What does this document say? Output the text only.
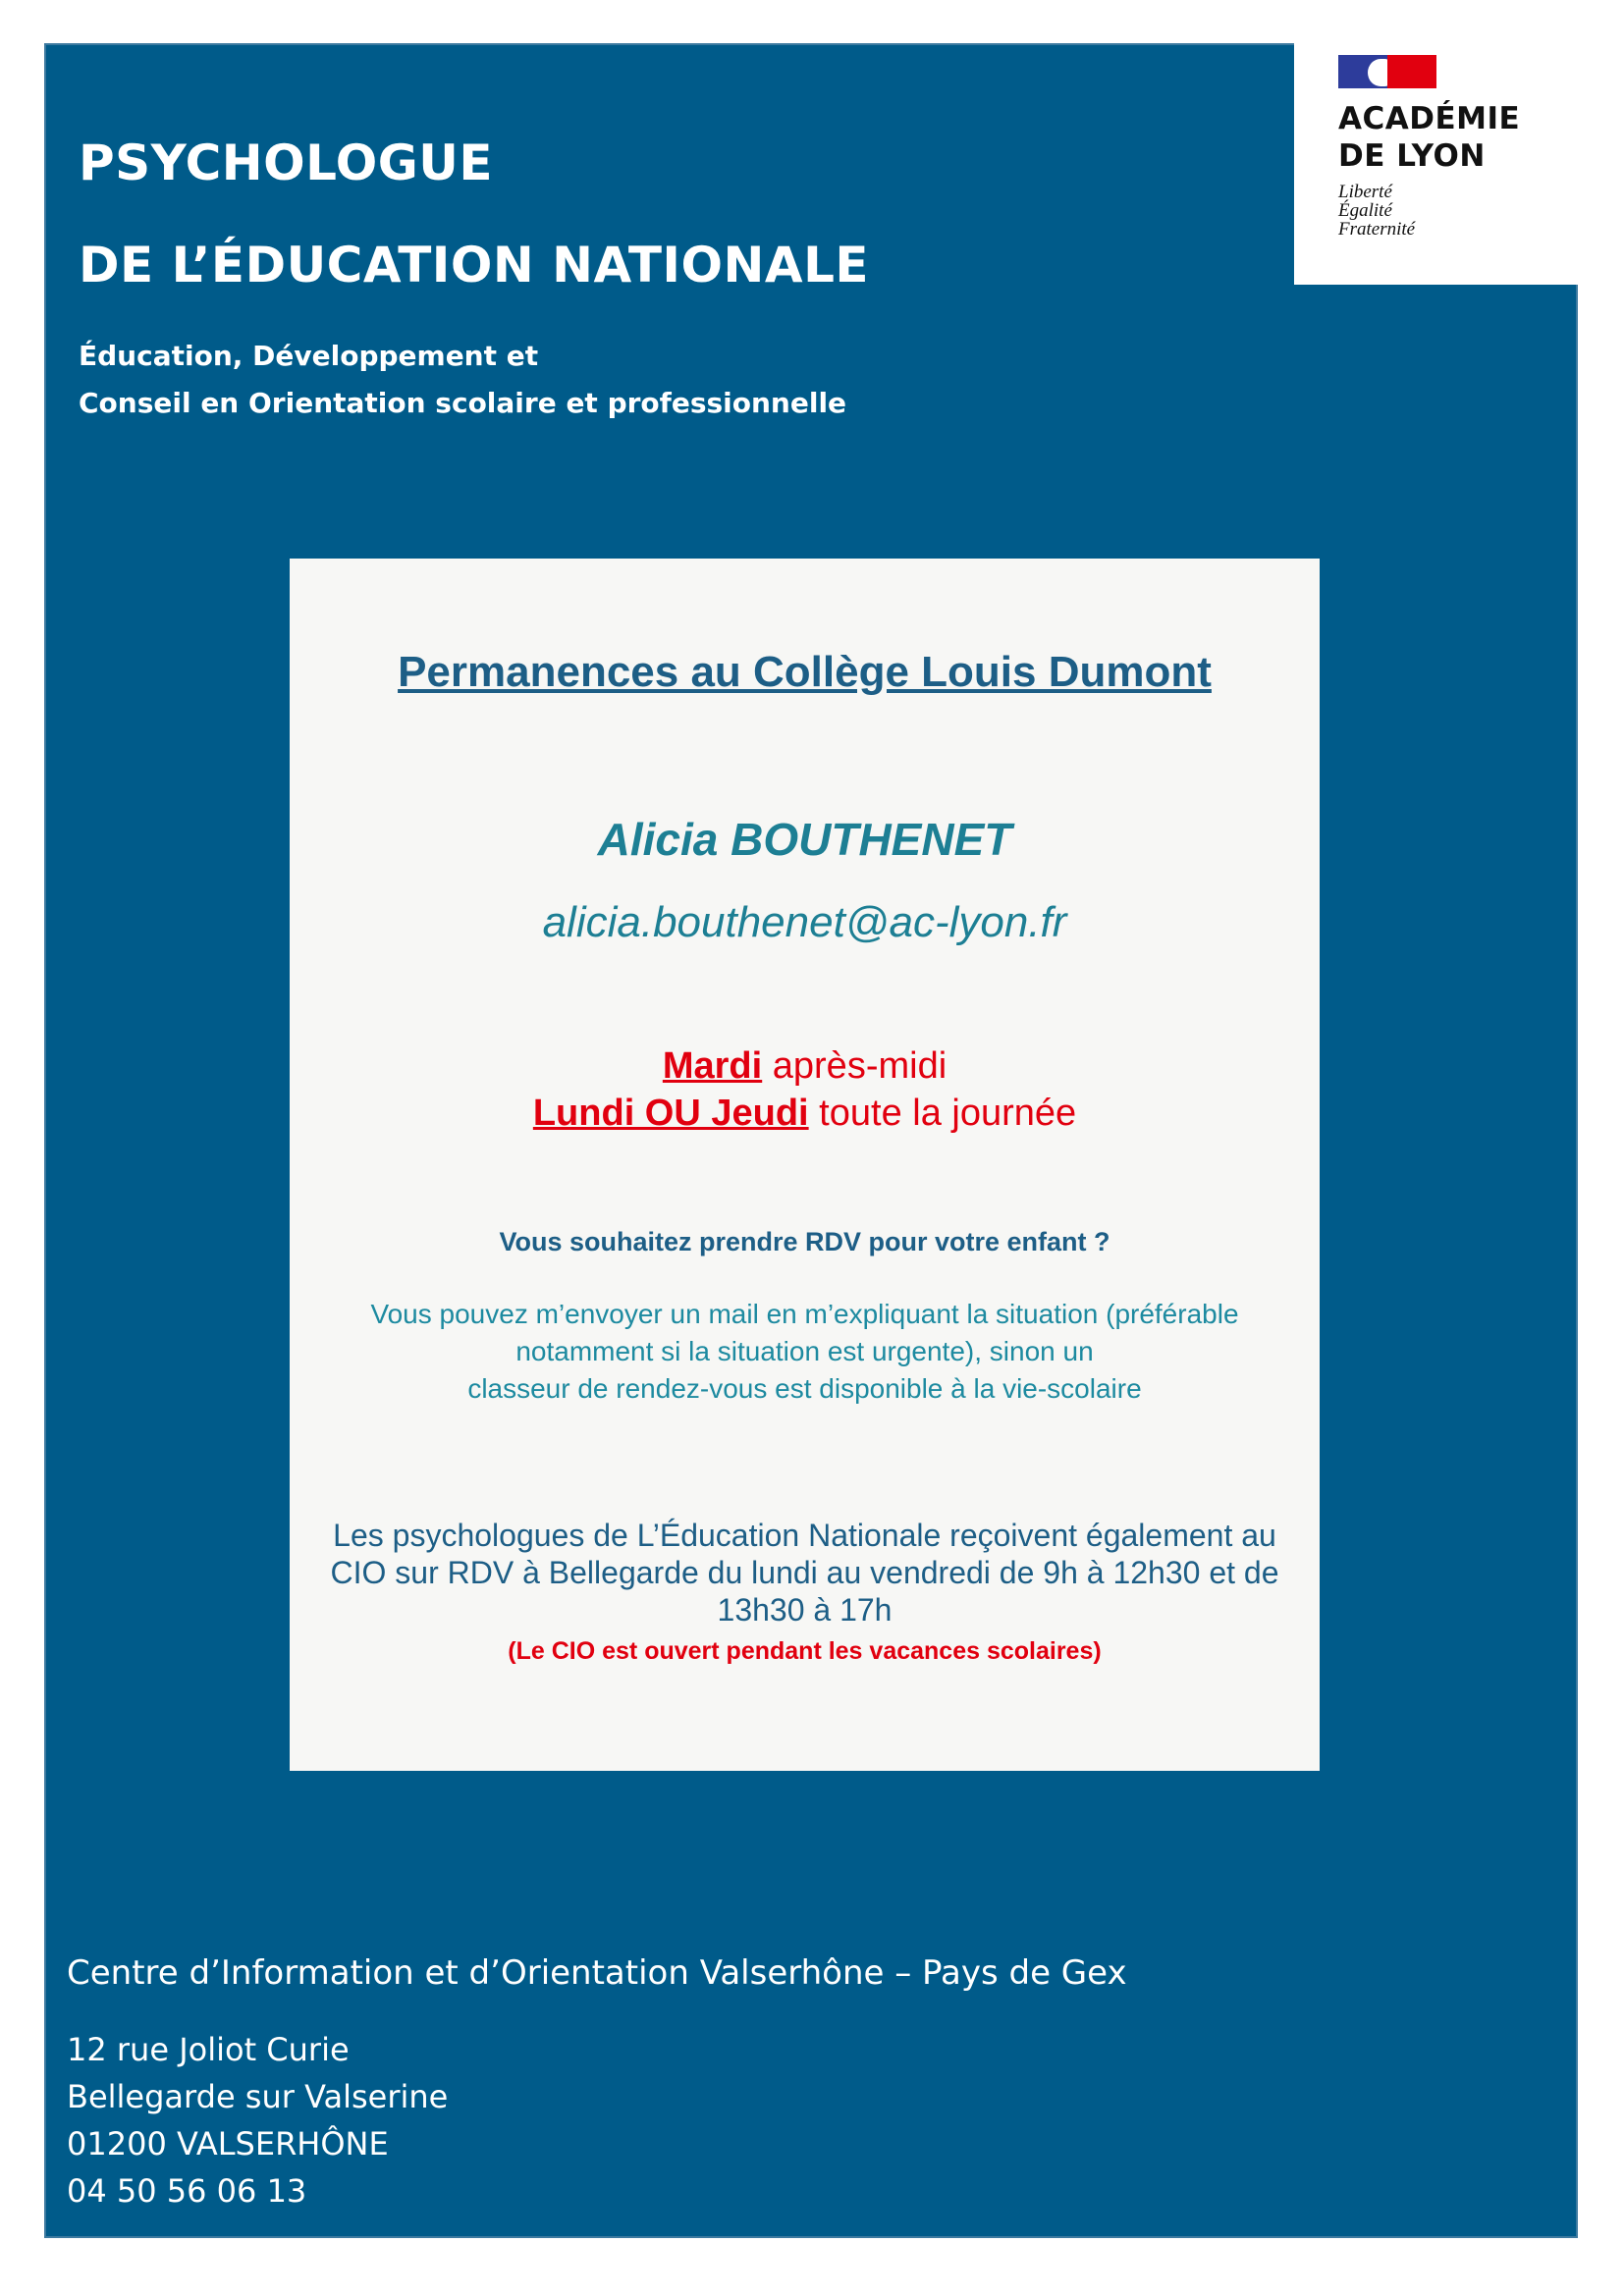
ACADÉMIE
DE LYON
Liberté
Égalité
Fraternité
PSYCHOLOGUE
DE L’ÉDUCATION NATIONALE
Éducation, Développement et
Conseil en Orientation scolaire et professionnelle
Permanences au Collège Louis Dumont
Alicia BOUTHENET
alicia.bouthenet@ac-lyon.fr
Mardi après-midi
Lundi OU Jeudi toute la journée
Vous souhaitez prendre RDV pour votre enfant ?
Vous pouvez m’envoyer un mail en m’expliquant la situation (préférable
notamment si la situation est urgente), sinon un
classeur de rendez-vous est disponible à la vie-scolaire
Les psychologues de L’Éducation Nationale reçoivent également au
CIO sur RDV à Bellegarde du lundi au vendredi de 9h à 12h30 et de
13h30 à 17h
(Le CIO est ouvert pendant les vacances scolaires)
Centre d’Information et d’Orientation Valserhône – Pays de Gex
12 rue Joliot Curie
Bellegarde sur Valserine
01200 VALSERHÔNE
04 50 56 06 13
